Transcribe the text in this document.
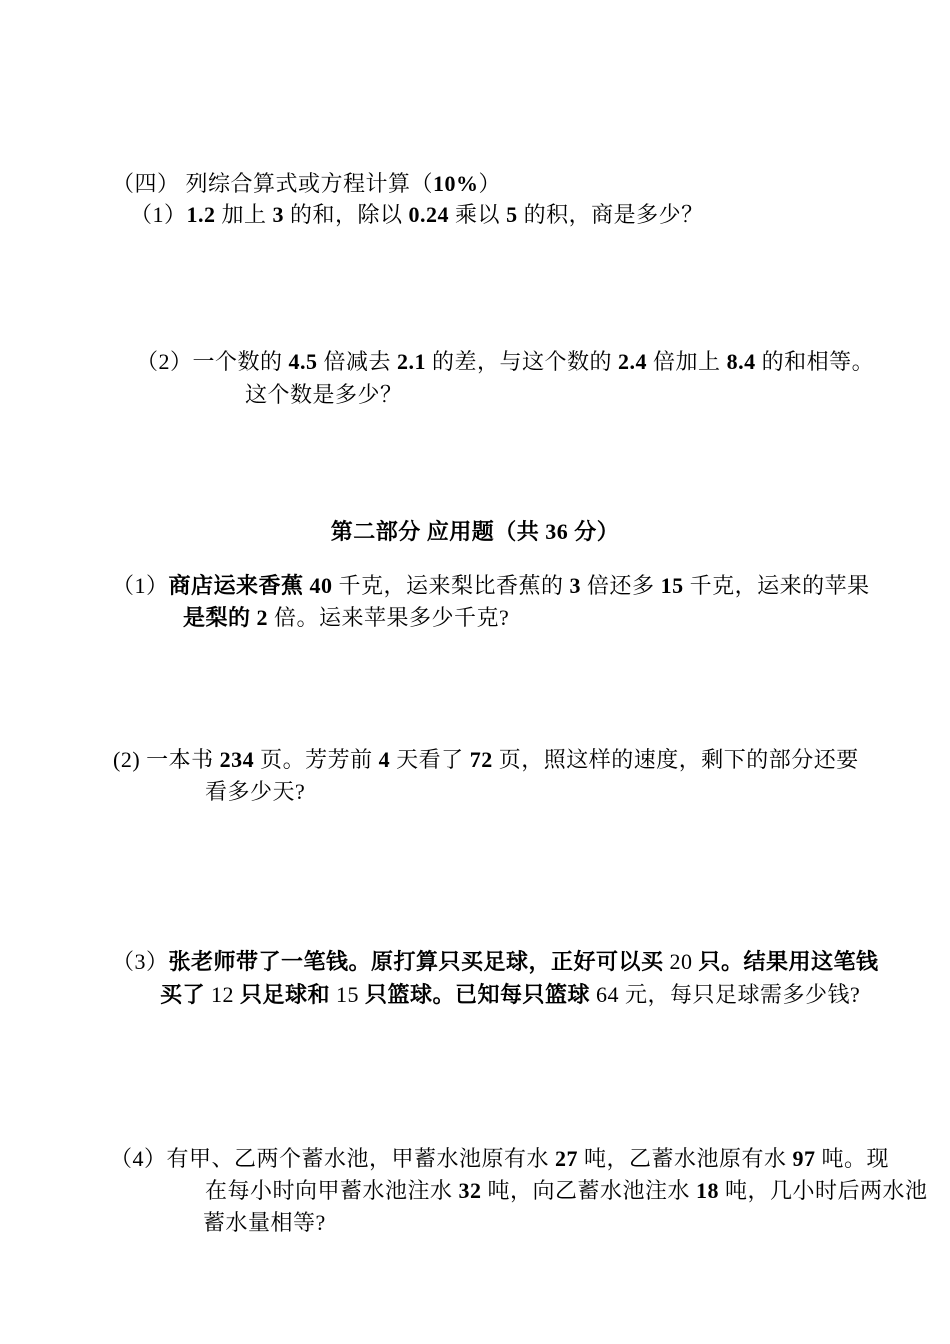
（四） 列综合算式或方程计算（10%）
（1）1.2 加上 3 的和，除以 0.24 乘以 5 的积，商是多少？
（2）一个数的 4.5 倍减去 2.1 的差，与这个数的 2.4 倍加上 8.4 的和相等。
这个数是多少？
第二部分 应用题（共 36 分）
（1）商店运来香蕉 40 千克，运来梨比香蕉的 3 倍还多 15 千克，运来的苹果
是梨的 2 倍。运来苹果多少千克?
(2) 一本书 234 页。芳芳前 4 天看了 72 页，照这样的速度，剩下的部分还要
看多少天?
（3）张老师带了一笔钱。原打算只买足球，正好可以买 20 只。结果用这笔钱
买了 12 只足球和 15 只篮球。已知每只篮球 64 元，每只足球需多少钱?
（4）有甲、乙两个蓄水池，甲蓄水池原有水 27 吨，乙蓄水池原有水 97 吨。现
在每小时向甲蓄水池注水 32 吨，向乙蓄水池注水 18 吨，几小时后两水池
蓄水量相等?
